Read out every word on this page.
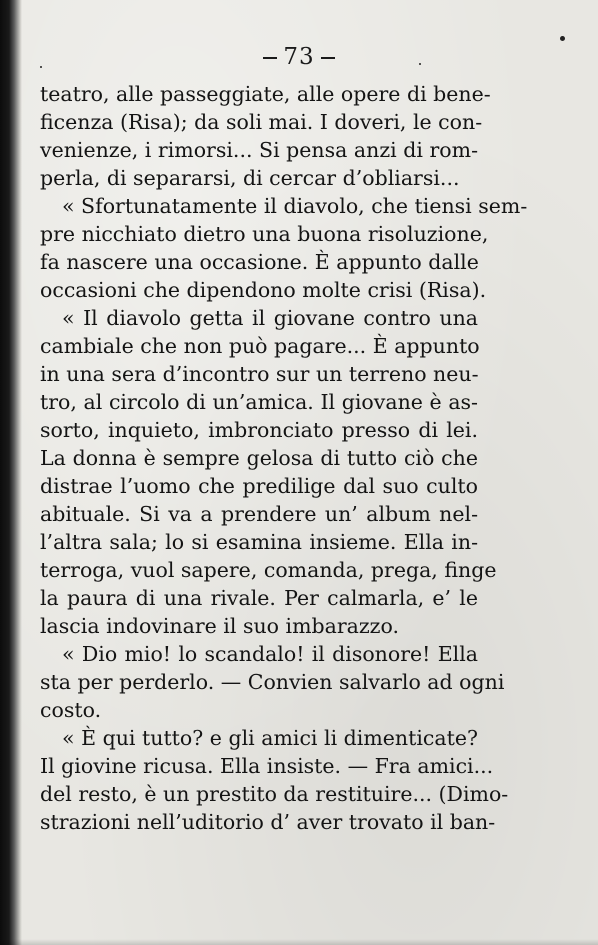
73
teatro, alle passeggiate, alle opere di bene-
ficenza (Risa); da soli mai. I doveri, le con-
venienze, i rimorsi... Si pensa anzi di rom-
perla, di separarsi, di cercar d’obliarsi...
« Sfortunatamente il diavolo, che tiensi sem-
pre nicchiato dietro una buona risoluzione,
fa nascere una occasione. È appunto dalle
occasioni che dipendono molte crisi (Risa).
« Il diavolo getta il giovane contro una
cambiale che non può pagare... È appunto
in una sera d’incontro sur un terreno neu-
tro, al circolo di un’amica. Il giovane è as-
sorto, inquieto, imbronciato presso di lei.
La donna è sempre gelosa di tutto ciò che
distrae l’uomo che predilige dal suo culto
abituale. Si va a prendere un’ album nel-
l’altra sala; lo si esamina insieme. Ella in-
terroga, vuol sapere, comanda, prega, finge
la paura di una rivale. Per calmarla, e’ le
lascia indovinare il suo imbarazzo.
« Dio mio! lo scandalo! il disonore! Ella
sta per perderlo. — Convien salvarlo ad ogni
costo.
« È qui tutto? e gli amici li dimenticate?
Il giovine ricusa. Ella insiste. — Fra amici...
del resto, è un prestito da restituire... (Dimo-
strazioni nell’uditorio d’ aver trovato il ban-
